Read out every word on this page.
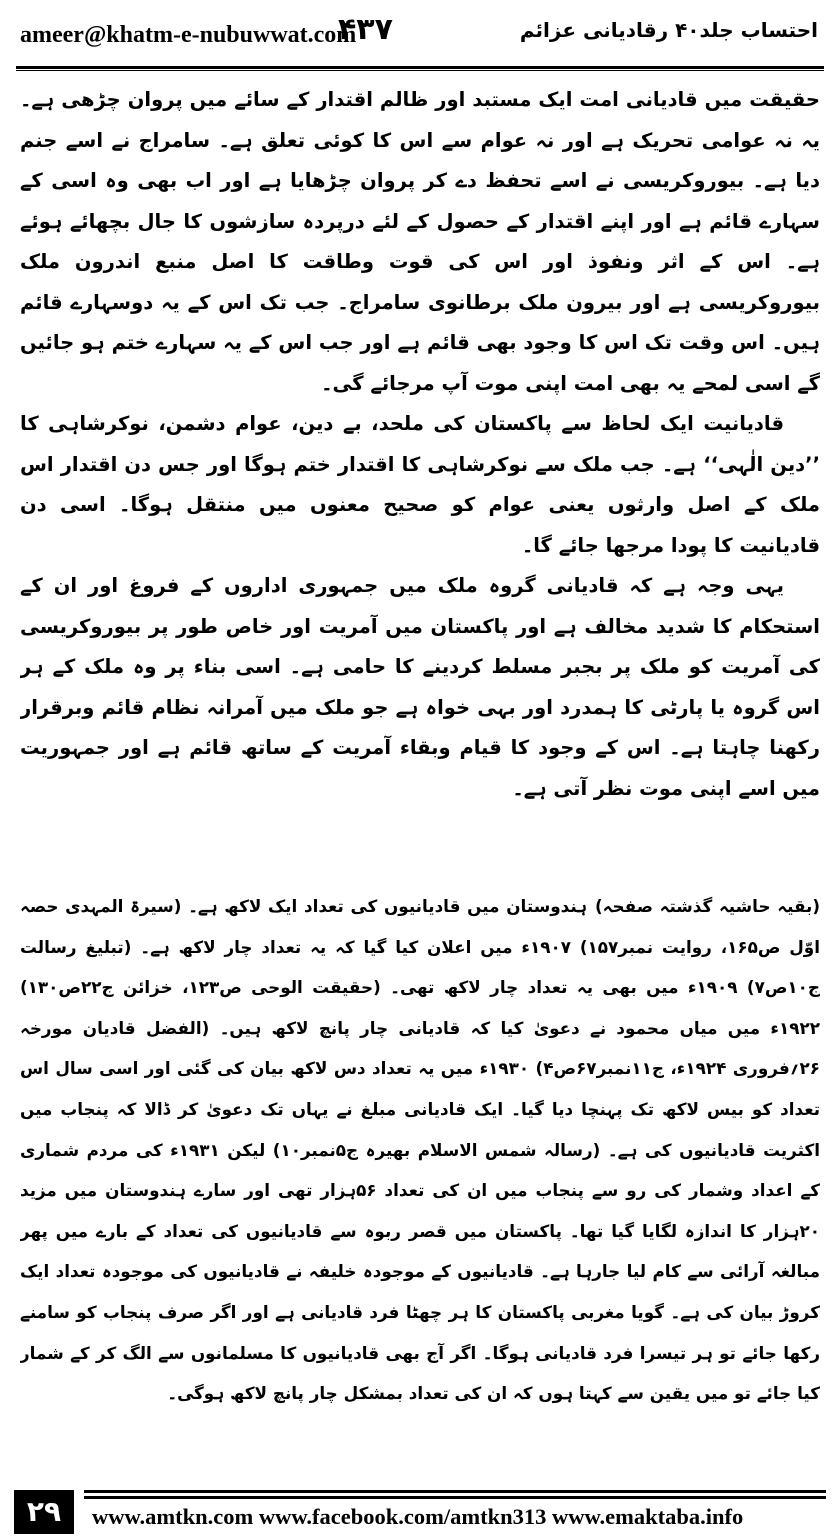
ameer@khatm-e-nubuwwat.com
۴۳۷	احتساب جلد۴۰ رقادیانی عزائم

حقیقت میں قادیانی امت ایک مستبد اور ظالم اقتدار کے سائے میں پروان چڑھی ہے۔ یہ نہ عوامی تحریک ہے اور نہ عوام سے اس کا کوئی تعلق ہے۔ سامراج نے اسے جنم دیا ہے۔ بیوروکریسی نے اسے تحفظ دے کر پروان چڑھایا ہے اور اب بھی وہ اسی کے سہارے قائم ہے اور اپنے اقتدار کے حصول کے لئے درپردہ سازشوں کا جال بچھائے ہوئے ہے۔ اس کے اثر ونفوذ اور اس کی قوت وطاقت کا اصل منبع اندرون ملک بیوروکریسی ہے اور بیرون ملک برطانوی سامراج۔ جب تک اس کے یہ دوسہارے قائم ہیں۔ اس وقت تک اس کا وجود بھی قائم ہے اور جب اس کے یہ سہارے ختم ہو جائیں گے اسی لمحے یہ بھی امت اپنی موت آپ مرجائے گی۔

قادیانیت ایک لحاظ سے پاکستان کی ملحد، بے دین، عوام دشمن، نوکرشاہی کا ’’دین الٰہی‘‘ ہے۔ جب ملک سے نوکرشاہی کا اقتدار ختم ہوگا اور جس دن اقتدار اس ملک کے اصل وارثوں یعنی عوام کو صحیح معنوں میں منتقل ہوگا۔ اسی دن قادیانیت کا پودا مرجھا جائے گا۔

یہی وجہ ہے کہ قادیانی گروہ ملک میں جمہوری اداروں کے فروغ اور ان کے استحکام کا شدید مخالف ہے اور پاکستان میں آمریت اور خاص طور پر بیوروکریسی کی آمریت کو ملک پر بجبر مسلط کردینے کا حامی ہے۔ اسی بناء پر وہ ملک کے ہر اس گروہ یا پارٹی کا ہمدرد اور بہی خواہ ہے جو ملک میں آمرانہ نظام قائم وبرقرار رکھنا چاہتا ہے۔ اس کے وجود کا قیام وبقاء آمریت کے ساتھ قائم ہے اور جمہوریت میں اسے اپنی موت نظر آتی ہے۔

(بقیہ حاشیہ گذشتہ صفحہ)ہندوستان میں قادیانیوں کی تعداد ایک لاکھ ہے۔ (سیرۃ المہدی حصہ اوّل ص۱۶۵، روایت نمبر۱۵۷) ۱۹۰۷ء میں اعلان کیا گیا کہ یہ تعداد چار لاکھ ہے۔ (تبلیغ رسالت ج۱۰ص۷) ۱۹۰۹ء میں بھی یہ تعداد چار لاکھ تھی۔ (حقیقت الوحی ص۱۲۳، خزائن ج۲۲ص۱۳۰) ۱۹۲۲ء میں میاں محمود نے دعویٰ کیا کہ قادیانی چار پانچ لاکھ ہیں۔ (الفضل قادیان مورخہ ۲۶؍فروری ۱۹۲۴ء، ج۱۱نمبر۶۷ص۴) ۱۹۳۰ء میں یہ تعداد دس لاکھ بیان کی گئی اور اسی سال اس تعداد کو بیس لاکھ تک پہنچا دیا گیا۔ ایک قادیانی مبلغ نے یہاں تک دعویٰ کر ڈالا کہ پنجاب میں اکثریت قادیانیوں کی ہے۔ (رسالہ شمس الاسلام بھیرہ ج۵نمبر۱۰) لیکن ۱۹۳۱ء کی مردم شماری کے اعداد وشمار کی رو سے پنجاب میں ان کی تعداد ۵۶ہزار تھی اور سارے ہندوستان میں مزید ۲۰ہزار کا اندازہ لگایا گیا تھا۔ پاکستان میں قصر ربوہ سے قادیانیوں کی تعداد کے بارے میں پھر مبالغہ آرائی سے کام لیا جارہا ہے۔ قادیانیوں کے موجودہ خلیفہ نے قادیانیوں کی موجودہ تعداد ایک کروڑ بیان کی ہے۔ گویا مغربی پاکستان کا ہر چھٹا فرد قادیانی ہے اور اگر صرف پنجاب کو سامنے رکھا جائے تو ہر تیسرا فرد قادیانی ہوگا۔ اگر آج بھی قادیانیوں کا مسلمانوں سے الگ کر کے شمار کیا جائے تو میں یقین سے کہتا ہوں کہ ان کی تعداد بمشکل چار پانچ لاکھ ہوگی۔

۲۹	www.amtkn.com www.facebook.com/amtkn313 www.emaktaba.info
